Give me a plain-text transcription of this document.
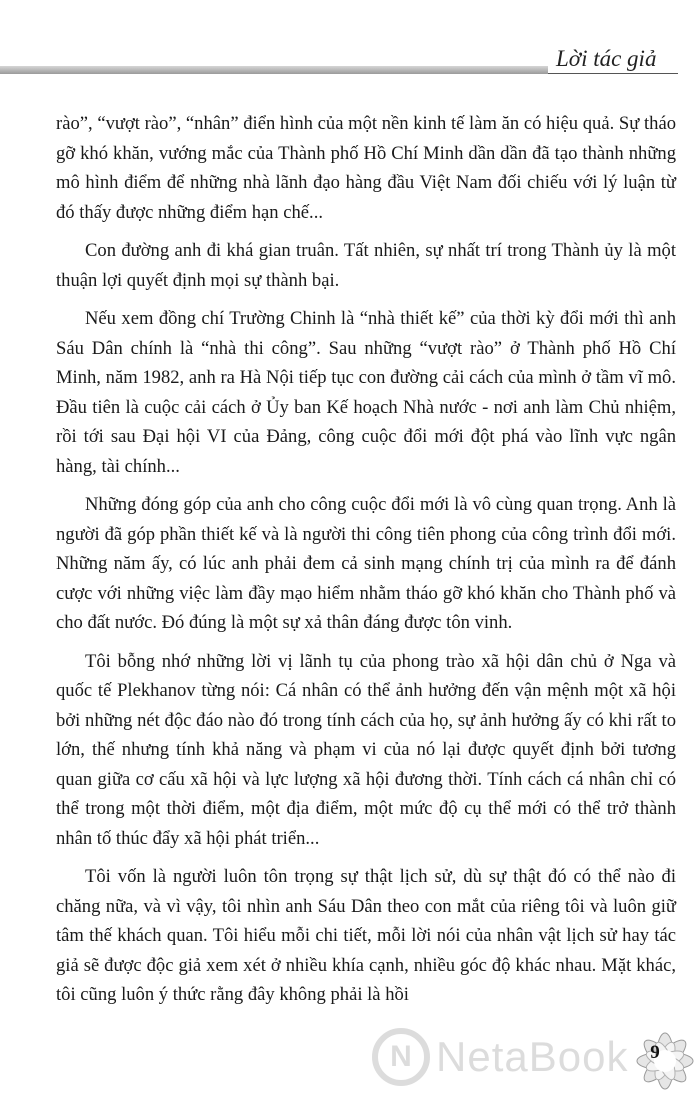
Lời tác giả

rào”, “vượt rào”, “nhân” điển hình của một nền kinh tế làm ăn có hiệu quả. Sự tháo gỡ khó khăn, vướng mắc của Thành phố Hồ Chí Minh dần dần đã tạo thành những mô hình điểm để những nhà lãnh đạo hàng đầu Việt Nam đối chiếu với lý luận từ đó thấy được những điểm hạn chế...

Con đường anh đi khá gian truân. Tất nhiên, sự nhất trí trong Thành ủy là một thuận lợi quyết định mọi sự thành bại.

Nếu xem đồng chí Trường Chinh là “nhà thiết kế” của thời kỳ đổi mới thì anh Sáu Dân chính là “nhà thi công”. Sau những “vượt rào” ở Thành phố Hồ Chí Minh, năm 1982, anh ra Hà Nội tiếp tục con đường cải cách của mình ở tầm vĩ mô. Đầu tiên là cuộc cải cách ở Ủy ban Kế hoạch Nhà nước - nơi anh làm Chủ nhiệm, rồi tới sau Đại hội VI của Đảng, công cuộc đổi mới đột phá vào lĩnh vực ngân hàng, tài chính...

Những đóng góp của anh cho công cuộc đổi mới là vô cùng quan trọng. Anh là người đã góp phần thiết kế và là người thi công tiên phong của công trình đổi mới. Những năm ấy, có lúc anh phải đem cả sinh mạng chính trị của mình ra để đánh cược với những việc làm đầy mạo hiểm nhằm tháo gỡ khó khăn cho Thành phố và cho đất nước. Đó đúng là một sự xả thân đáng được tôn vinh.

Tôi bỗng nhớ những lời vị lãnh tụ của phong trào xã hội dân chủ ở Nga và quốc tế Plekhanov từng nói: Cá nhân có thể ảnh hưởng đến vận mệnh một xã hội bởi những nét độc đáo nào đó trong tính cách của họ, sự ảnh hưởng ấy có khi rất to lớn, thế nhưng tính khả năng và phạm vi của nó lại được quyết định bởi tương quan giữa cơ cấu xã hội và lực lượng xã hội đương thời. Tính cách cá nhân chỉ có thể trong một thời điểm, một địa điểm, một mức độ cụ thể mới có thể trở thành nhân tố thúc đẩy xã hội phát triển...

Tôi vốn là người luôn tôn trọng sự thật lịch sử, dù sự thật đó có thể nào đi chăng nữa, và vì vậy, tôi nhìn anh Sáu Dân theo con mắt của riêng tôi và luôn giữ tâm thế khách quan. Tôi hiểu mỗi chi tiết, mỗi lời nói của nhân vật lịch sử hay tác giả sẽ được độc giả xem xét ở nhiều khía cạnh, nhiều góc độ khác nhau. Mặt khác, tôi cũng luôn ý thức rằng đây không phải là hồi

N NetaBook	9
